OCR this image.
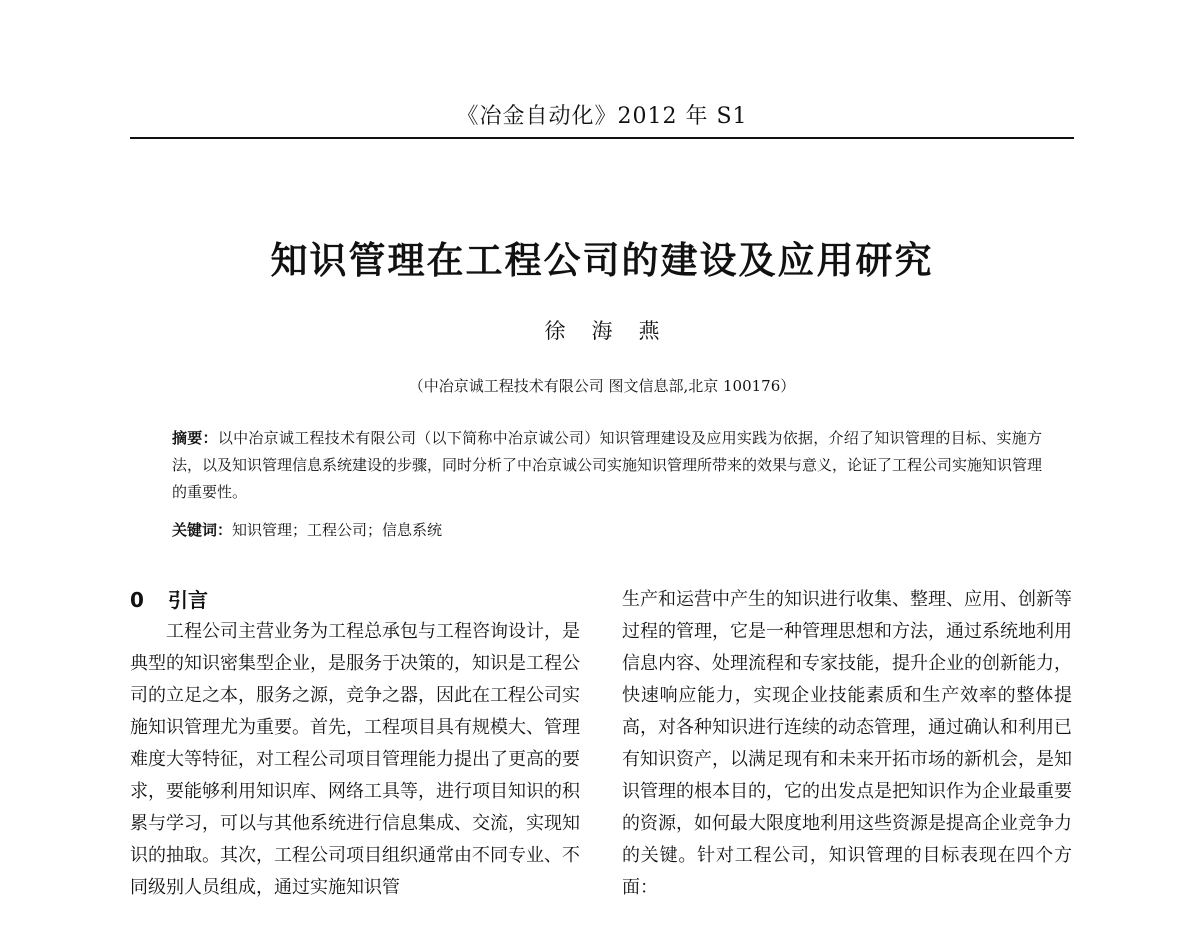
《冶金自动化》2012 年 S1
知识管理在工程公司的建设及应用研究
徐海燕
（中冶京诚工程技术有限公司 图文信息部,北京 100176）
摘要：以中冶京诚工程技术有限公司（以下简称中冶京诚公司）知识管理建设及应用实践为依据，介绍了知识管理的目标、实施方法，以及知识管理信息系统建设的步骤，同时分析了中冶京诚公司实施知识管理所带来的效果与意义，论证了工程公司实施知识管理的重要性。
关键词：知识管理；工程公司；信息系统
0 引言

工程公司主营业务为工程总承包与工程咨询设计，是典型的知识密集型企业，是服务于决策的，知识是工程公司的立足之本，服务之源，竞争之器，因此在工程公司实施知识管理尤为重要。首先，工程项目具有规模大、管理难度大等特征，对工程公司项目管理能力提出了更高的要求，要能够利用知识库、网络工具等，进行项目知识的积累与学习，可以与其他系统进行信息集成、交流，实现知识的抽取。其次，工程公司项目组织通常由不同专业、不同级别人员组成，通过实施知识管

生产和运营中产生的知识进行收集、整理、应用、创新等过程的管理，它是一种管理思想和方法，通过系统地利用信息内容、处理流程和专家技能，提升企业的创新能力，快速响应能力，实现企业技能素质和生产效率的整体提高，对各种知识进行连续的动态管理，通过确认和利用已有知识资产，以满足现有和未来开拓市场的新机会，是知识管理的根本目的，它的出发点是把知识作为企业最重要的资源，如何最大限度地利用这些资源是提高企业竞争力的关键。针对工程公司，知识管理的目标表现在四个方面：
